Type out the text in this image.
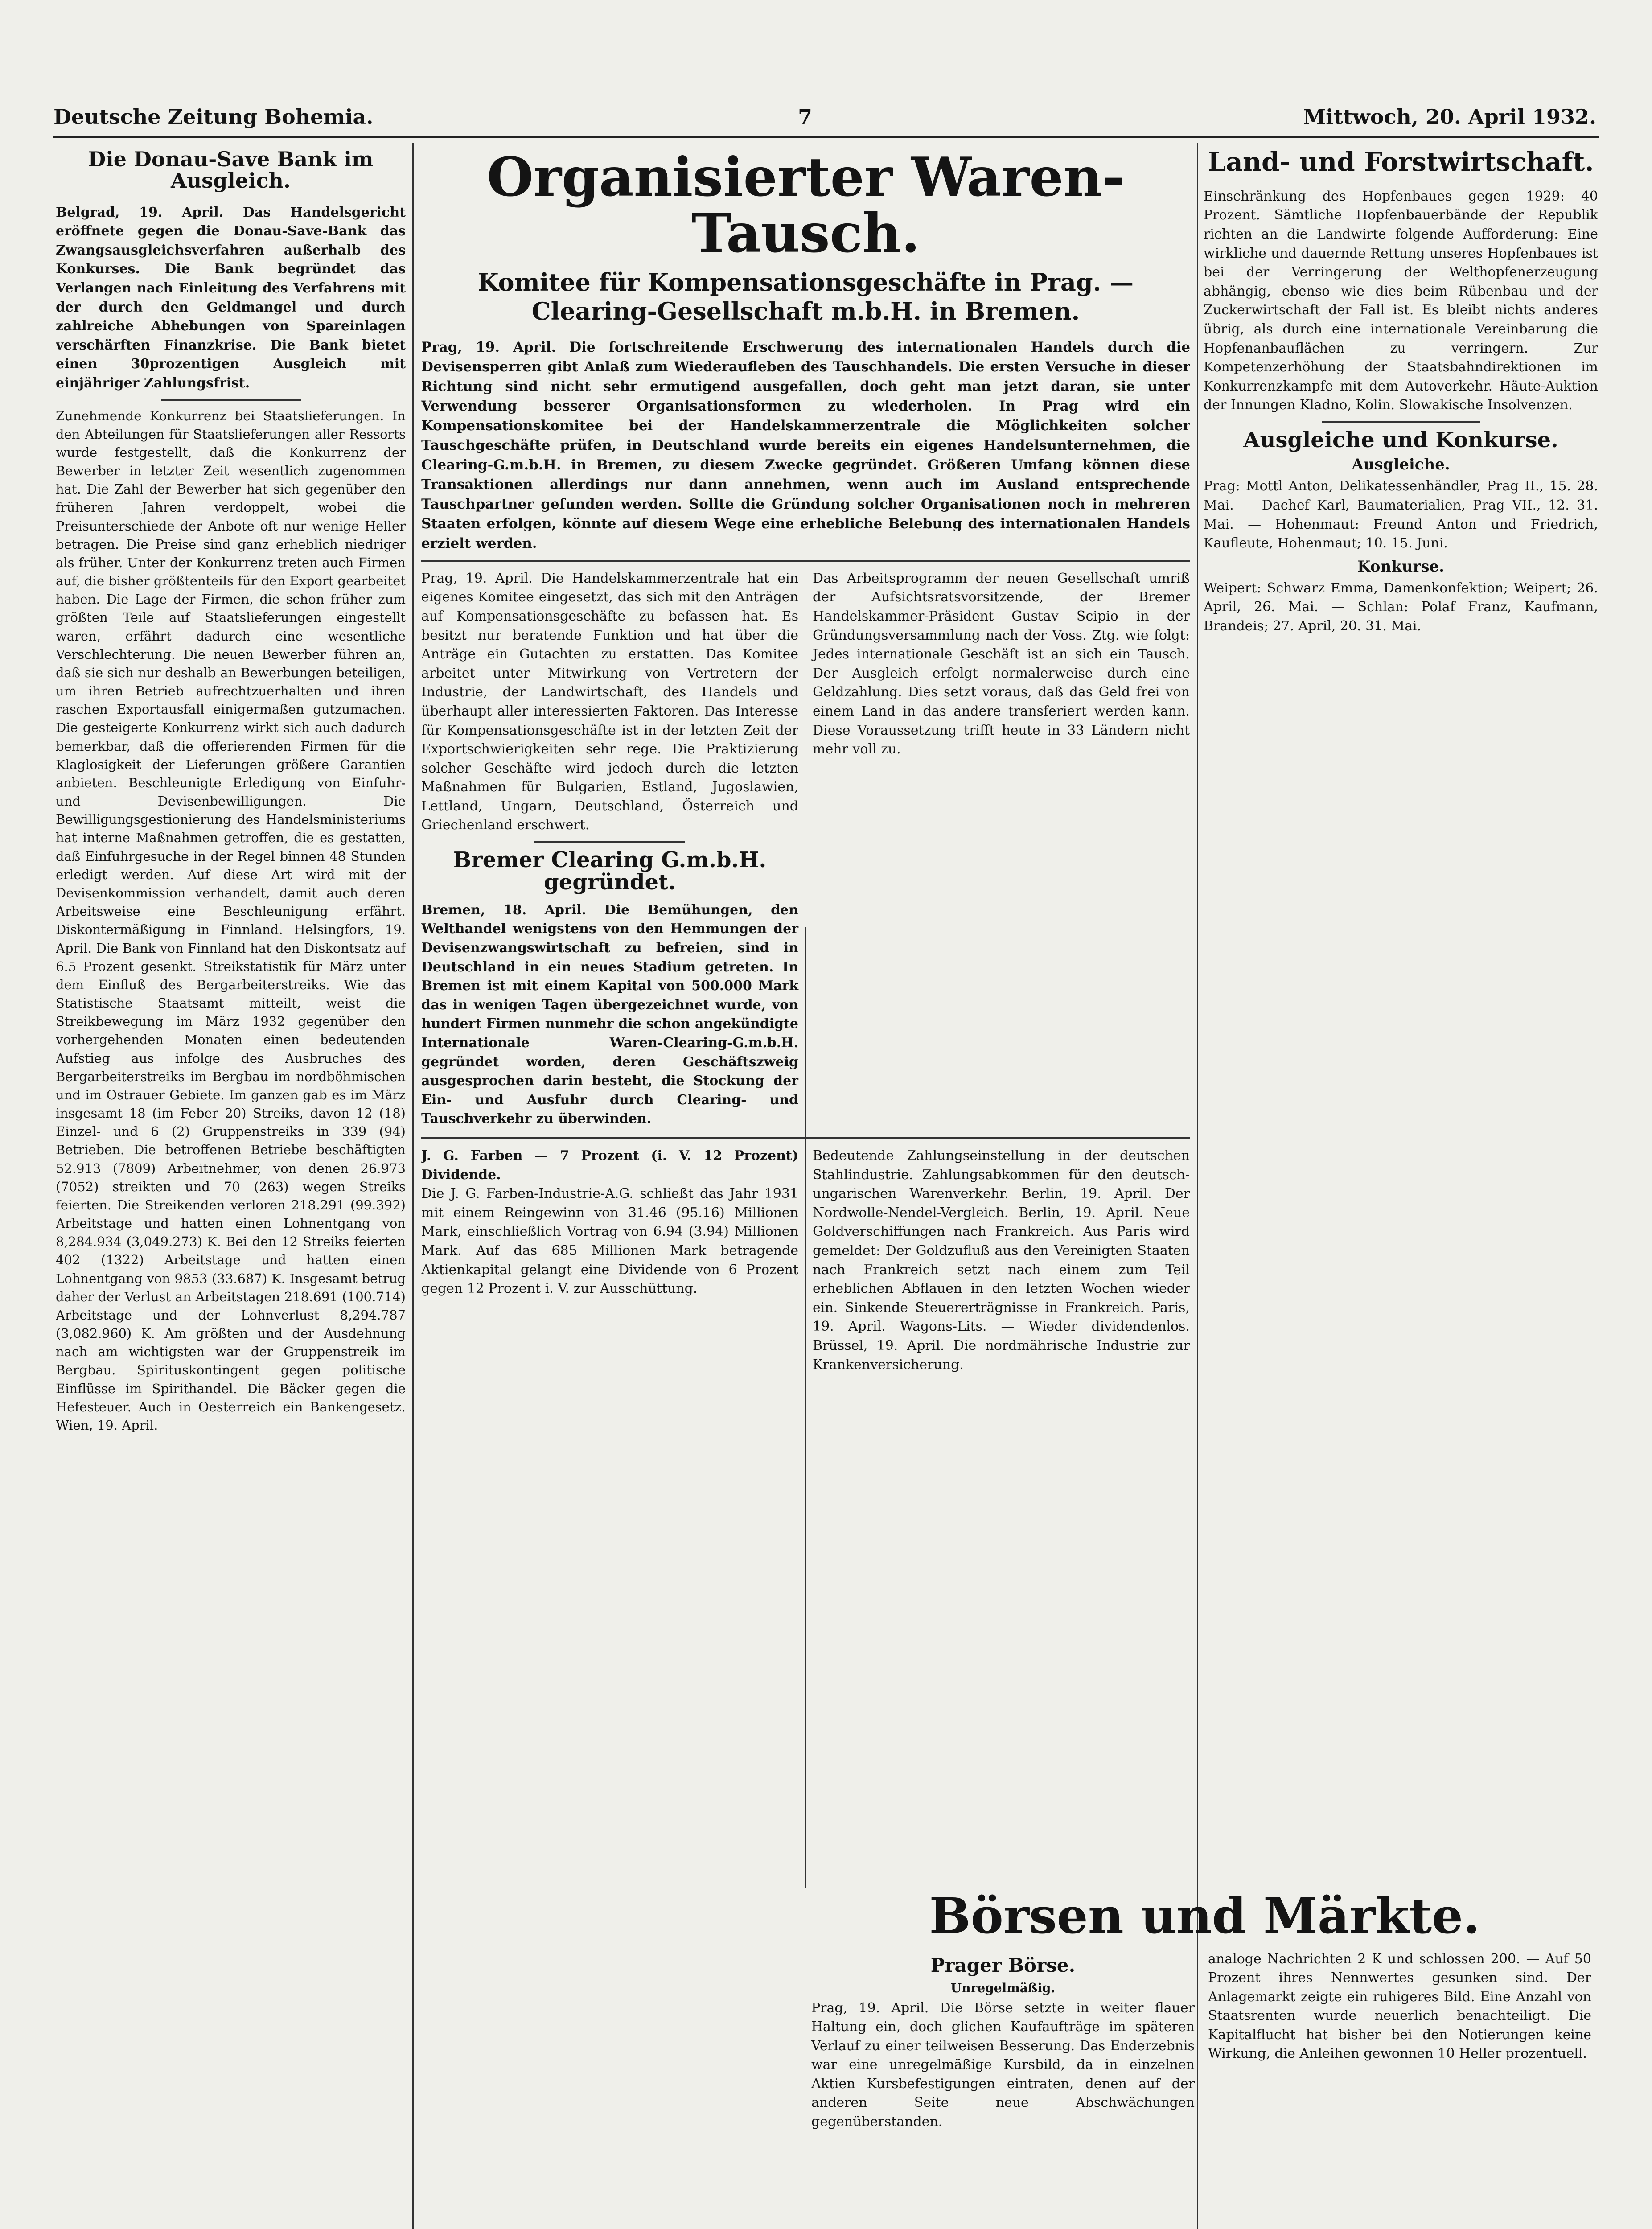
Deutsche Zeitung Bohemia.	7	Mittwoch, 20. April 1932.
Die Donau-Save Bank im Ausgleich.

Belgrad, 19. April. Das Handelsgericht eröffnete gegen die Donau-Save-Bank das Zwangsausgleichsverfahren außerhalb des Konkurses. Die Bank begründet das Verlangen nach Einleitung des Verfahrens mit der durch den Geldmangel und durch zahlreiche Abhebungen von Spareinlagen verschärften Finanzkrise. Die Bank bietet einen 30prozentigen Ausgleich mit einjähriger Zahlungsfrist.

Zunehmende Konkurrenz bei Staatslieferungen. In den Abteilungen für Staatslieferungen aller Ressorts wurde festgestellt, daß die Konkurrenz der Bewerber in letzter Zeit wesentlich zugenommen hat. Die Zahl der Bewerber hat sich gegenüber den früheren Jahren verdoppelt, wobei die Preisunterschiede der Anbote oft nur wenige Heller betragen. Die Preise sind ganz erheblich niedriger als früher. Unter der Konkurrenz treten auch Firmen auf, die bisher größtenteils für den Export gearbeitet haben. Die Lage der Firmen, die schon früher zum größten Teile auf Staatslieferungen eingestellt waren, erfährt dadurch eine wesentliche Verschlechterung. Die neuen Bewerber führen an, daß sie sich nur deshalb an Bewerbungen beteiligen, um ihren Betrieb aufrechtzuerhalten und ihren raschen Exportausfall einigermaßen gutzumachen. Die gesteigerte Konkurrenz wirkt sich auch dadurch bemerkbar, daß die offerierenden Firmen für die Klaglosigkeit der Lieferungen größere Garantien anbieten. Beschleunigte Erledigung von Einfuhr- und Devisenbewilligungen. Die Bewilligungsgestionierung des Handelsministeriums hat interne Maßnahmen getroffen, die es gestatten, daß Einfuhrgesuche in der Regel binnen 48 Stunden erledigt werden. Auf diese Art wird mit der Devisenkommission verhandelt, damit auch deren Arbeitsweise eine Beschleunigung erfährt. Diskontermäßigung in Finnland. Helsingfors, 19. April. Die Bank von Finnland hat den Diskontsatz auf 6.5 Prozent gesenkt. Streikstatistik für März unter dem Einfluß des Bergarbeiterstreiks. Wie das Statistische Staatsamt mitteilt, weist die Streikbewegung im März 1932 gegenüber den vorhergehenden Monaten einen bedeutenden Aufstieg aus infolge des Ausbruches des Bergarbeiterstreiks im Bergbau im nordböhmischen und im Ostrauer Gebiete. Im ganzen gab es im März insgesamt 18 (im Feber 20) Streiks, davon 12 (18) Einzel- und 6 (2) Gruppenstreiks in 339 (94) Betrieben. Die betroffenen Betriebe beschäftigten 52.913 (7809) Arbeitnehmer, von denen 26.973 (7052) streikten und 70 (263) wegen Streiks feierten. Die Streikenden verloren 218.291 (99.392) Arbeitstage und hatten einen Lohnentgang von 8,284.934 (3,049.273) K. Bei den 12 Streiks feierten 402 (1322) Arbeitstage und hatten einen Lohnentgang von 9853 (33.687) K. Insgesamt betrug daher der Verlust an Arbeitstagen 218.691 (100.714) Arbeitstage und der Lohnverlust 8,294.787 (3,082.960) K. Am größten und der Ausdehnung nach am wichtigsten war der Gruppenstreik im Bergbau. Spirituskontingent gegen politische Einflüsse im Spirithandel. Die Bäcker gegen die Hefesteuer. Auch in Oesterreich ein Bankengesetz. Wien, 19. April.

Organisierter Waren-Tausch.
Komitee für Kompensationsgeschäfte in Prag. — Clearing-Gesellschaft m.b.H. in Bremen.

Prag, 19. April. Die fortschreitende Erschwerung des internationalen Handels durch die Devisensperren gibt Anlaß zum Wiederaufleben des Tauschhandels. Die ersten Versuche in dieser Richtung sind nicht sehr ermutigend ausgefallen, doch geht man jetzt daran, sie unter Verwendung besserer Organisationsformen zu wiederholen. In Prag wird ein Kompensationskomitee bei der Handelskammerzentrale die Möglichkeiten solcher Tauschgeschäfte prüfen, in Deutschland wurde bereits ein eigenes Handelsunternehmen, die Clearing-G.m.b.H. in Bremen, zu diesem Zwecke gegründet. Größeren Umfang können diese Transaktionen allerdings nur dann annehmen, wenn auch im Ausland entsprechende Tauschpartner gefunden werden. Sollte die Gründung solcher Organisationen noch in mehreren Staaten erfolgen, könnte auf diesem Wege eine erhebliche Belebung des internationalen Handels erzielt werden.

Prag, 19. April. Die Handelskammerzentrale hat ein eigenes Komitee eingesetzt, das sich mit den Anträgen auf Kompensationsgeschäfte zu befassen hat. Es besitzt nur beratende Funktion und hat über die Anträge ein Gutachten zu erstatten. Das Komitee arbeitet unter Mitwirkung von Vertretern der Industrie, der Landwirtschaft, des Handels und überhaupt aller interessierten Faktoren. Das Interesse für Kompensationsgeschäfte ist in der letzten Zeit der Exportschwierigkeiten sehr rege. Die Praktizierung solcher Geschäfte wird jedoch durch die letzten Maßnahmen für Bulgarien, Estland, Jugoslawien, Lettland, Ungarn, Deutschland, Österreich und Griechenland erschwert.

Bremer Clearing G.m.b.H. gegründet.

Bremen, 18. April. Die Bemühungen, den Welthandel wenigstens von den Hemmungen der Devisenzwangswirtschaft zu befreien, sind in Deutschland in ein neues Stadium getreten. In Bremen ist mit einem Kapital von 500.000 Mark das in wenigen Tagen übergezeichnet wurde, von hundert Firmen nunmehr die schon angekündigte Internationale Waren-Clearing-G.m.b.H. gegründet worden, deren Geschäftszweig ausgesprochen darin besteht, die Stockung der Ein- und Ausfuhr durch Clearing- und Tauschverkehr zu überwinden.

Das Arbeitsprogramm der neuen Gesellschaft umriß der Aufsichtsratsvorsitzende, der Bremer Handelskammer-Präsident Gustav Scipio in der Gründungsversammlung nach der Voss. Ztg. wie folgt: Jedes internationale Geschäft ist an sich ein Tausch. Der Ausgleich erfolgt normalerweise durch eine Geldzahlung. Dies setzt voraus, daß das Geld frei von einem Land in das andere transferiert werden kann. Diese Voraussetzung trifft heute in 33 Ländern nicht mehr voll zu.

J. G. Farben — 7 Prozent (i. V. 12 Prozent) Dividende.

Die J. G. Farben-Industrie-A.G. schließt das Jahr 1931 mit einem Reingewinn von 31.46 (95.16) Millionen Mark, einschließlich Vortrag von 6.94 (3.94) Millionen Mark. Auf das 685 Millionen Mark betragende Aktienkapital gelangt eine Dividende von 6 Prozent gegen 12 Prozent i. V. zur Ausschüttung.

Bedeutende Zahlungseinstellung in der deutschen Stahlindustrie. Zahlungsabkommen für den deutsch-ungarischen Warenverkehr. Berlin, 19. April. Der Nordwolle-Nendel-Vergleich. Berlin, 19. April. Neue Goldverschiffungen nach Frankreich. Aus Paris wird gemeldet: Der Goldzufluß aus den Vereinigten Staaten nach Frankreich setzt nach einem zum Teil erheblichen Abflauen in den letzten Wochen wieder ein. Sinkende Steuererträgnisse in Frankreich. Paris, 19. April. Wagons-Lits. — Wieder dividendenlos. Brüssel, 19. April. Die nordmährische Industrie zur Krankenversicherung.

Land- und Forstwirtschaft.

Einschränkung des Hopfenbaues gegen 1929: 40 Prozent. Sämtliche Hopfenbauerbände der Republik richten an die Landwirte folgende Aufforderung: Eine wirkliche und dauernde Rettung unseres Hopfenbaues ist bei der Verringerung der Welthopfenerzeugung abhängig, ebenso wie dies beim Rübenbau und der Zuckerwirtschaft der Fall ist. Es bleibt nichts anderes übrig, als durch eine internationale Vereinbarung die Hopfenanbauflächen zu verringern. Zur Kompetenzerhöhung der Staatsbahndirektionen im Konkurrenzkampfe mit dem Autoverkehr. Häute-Auktion der Innungen Kladno, Kolin. Slowakische Insolvenzen.

Ausgleiche und Konkurse.
Ausgleiche.

Prag: Mottl Anton, Delikatessenhändler, Prag II., 15. 28. Mai. — Dachef Karl, Baumaterialien, Prag VII., 12. 31. Mai. — Hohenmaut: Freund Anton und Friedrich, Kaufleute, Hohenmaut; 10. 15. Juni.

Konkurse.

Weipert: Schwarz Emma, Damenkonfektion; Weipert; 26. April, 26. Mai. — Schlan: Polaf Franz, Kaufmann, Brandeis; 27. April, 20. 31. Mai.

Börsen und Märkte.
Prager Börse.
Unregelmäßig.

Prag, 19. April. Die Börse setzte in weiter flauer Haltung ein, doch glichen Kaufaufträge im späteren Verlauf zu einer teilweisen Besserung. Das Enderzebnis war eine unregelmäßige Kursbild, da in einzelnen Aktien Kursbefestigungen eintraten, denen auf der anderen Seite neue Abschwächungen gegenüberstanden.

analoge Nachrichten 2 K und schlossen 200. — Auf 50 Prozent ihres Nennwertes gesunken sind. Der Anlagemarkt zeigte ein ruhigeres Bild. Eine Anzahl von Staatsrenten wurde neuerlich benachteiligt. Die Kapitalflucht hat bisher bei den Notierungen keine Wirkung, die Anleihen gewonnen 10 Heller prozentuell.
